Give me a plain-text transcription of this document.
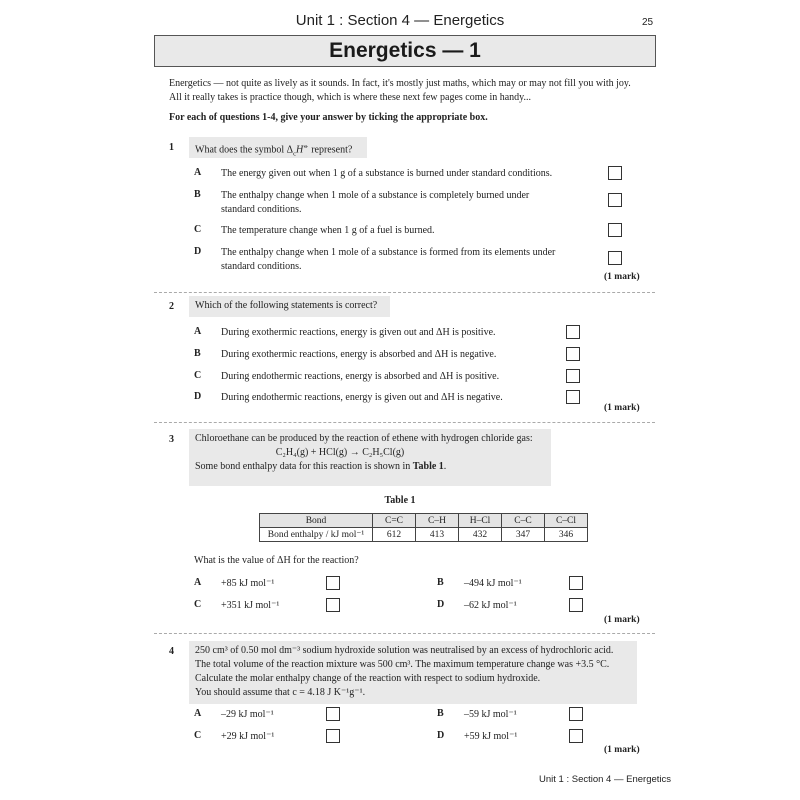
Unit 1 : Section 4 — Energetics	25
Energetics — 1
Energetics — not quite as lively as it sounds. In fact, it's mostly just maths, which may or may not fill you with joy. All it really takes is practice though, which is where these next few pages come in handy...
For each of questions 1-4, give your answer by ticking the appropriate box.
1	What does the symbol $\Delta_cH^⦵$ represent?
A The energy given out when 1 g of a substance is burned under standard conditions.
B The enthalpy change when 1 mole of a substance is completely burned under standard conditions.
C The temperature change when 1 g of a fuel is burned.
D The enthalpy change when 1 mole of a substance is formed from its elements under standard conditions.
(1 mark)
2	Which of the following statements is correct?
A During exothermic reactions, energy is given out and ΔH is positive.
B During exothermic reactions, energy is absorbed and ΔH is negative.
C During endothermic reactions, energy is absorbed and ΔH is positive.
D During endothermic reactions, energy is given out and ΔH is negative.
(1 mark)
3 Chloroethane can be produced by the reaction of ethene with hydrogen chloride gas:
C₂H₄(g) + HCl(g) → C₂H₅Cl(g)
Some bond enthalpy data for this reaction is shown in Table 1.
Table 1
Bond	C=C	C–H	H–Cl	C–C	C–Cl
Bond enthalpy / kJ mol⁻¹	612	413	432	347	346
What is the value of ΔH for the reaction?
A +85 kJ mol⁻¹	B –494 kJ mol⁻¹
C +351 kJ mol⁻¹	D –62 kJ mol⁻¹
(1 mark)
4 250 cm³ of 0.50 mol dm⁻³ sodium hydroxide solution was neutralised by an excess of hydrochloric acid.
The total volume of the reaction mixture was 500 cm³. The maximum temperature change was +3.5 °C.
Calculate the molar enthalpy change of the reaction with respect to sodium hydroxide.
You should assume that c = 4.18 J K⁻¹g⁻¹.
A –29 kJ mol⁻¹	B –59 kJ mol⁻¹
C +29 kJ mol⁻¹	D +59 kJ mol⁻¹
(1 mark)
Unit 1 : Section 4 — Energetics
